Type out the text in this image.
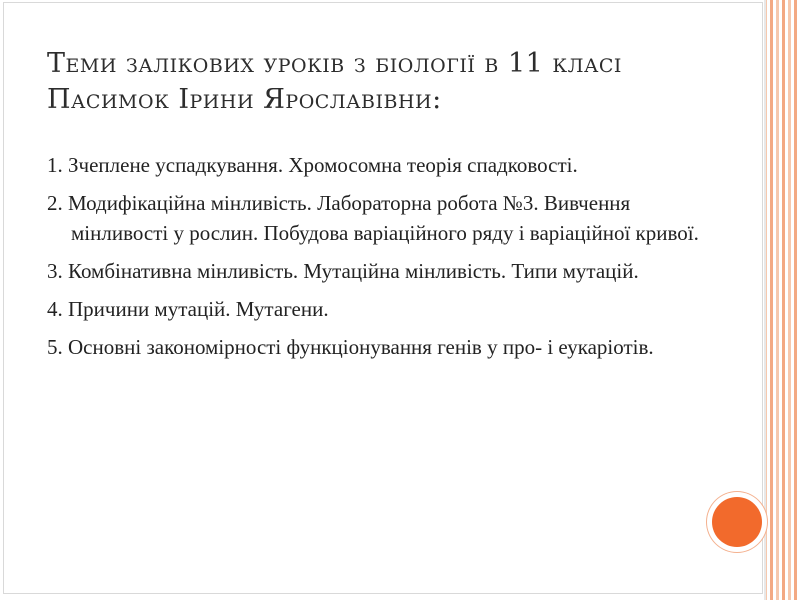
Теми залікових уроків з біології в 11 класі
Пасимок Ірини Ярославівни:
1. Зчеплене успадкування. Хромосомна теорія спадковості.
2. Модифікаційна мінливість. Лабораторна робота №3. Вивчення мінливості у рослин. Побудова варіаційного ряду і варіаційної кривої.
3. Комбінативна мінливість. Мутаційна мінливість. Типи мутацій.
4. Причини мутацій. Мутагени.
5. Основні закономірності функціонування генів у про- і еукаріотів.
